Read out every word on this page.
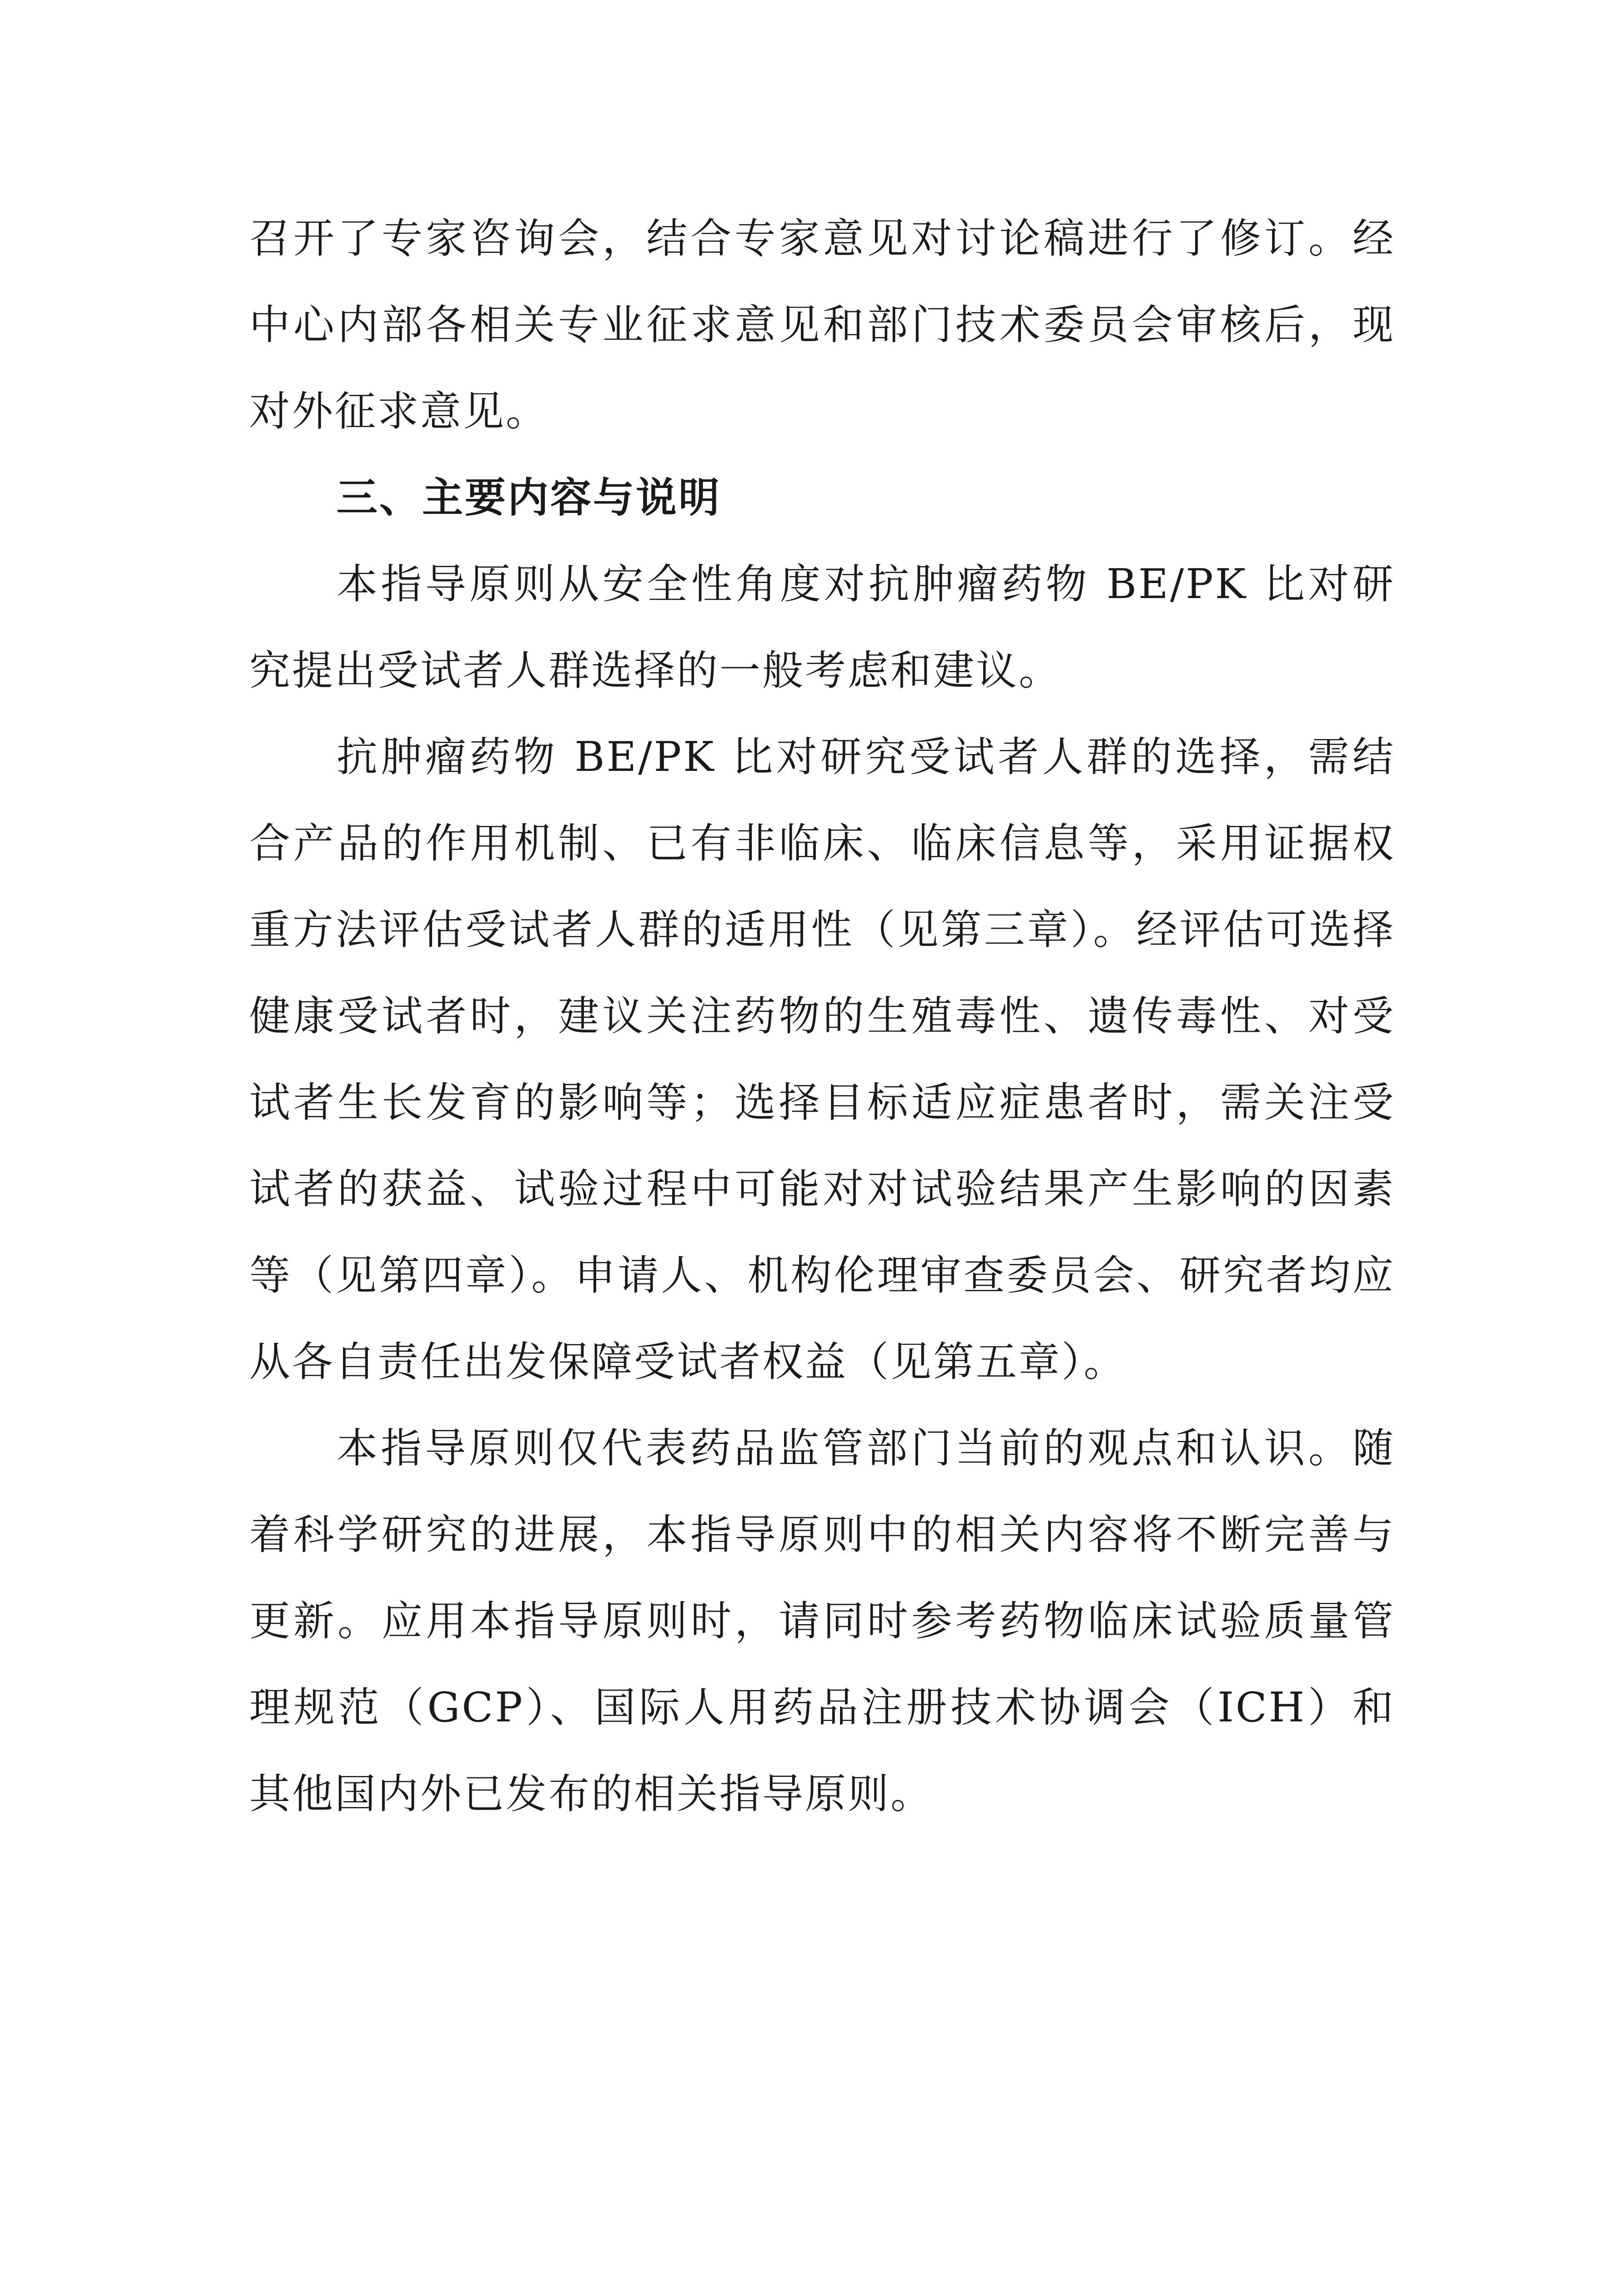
召开了专家咨询会，结合专家意见对讨论稿进行了修订。经中心内部各相关专业征求意见和部门技术委员会审核后，现对外征求意见。

三、主要内容与说明

本指导原则从安全性角度对抗肿瘤药物 BE/PK 比对研究提出受试者人群选择的一般考虑和建议。

抗肿瘤药物 BE/PK 比对研究受试者人群的选择，需结合产品的作用机制、已有非临床、临床信息等，采用证据权重方法评估受试者人群的适用性（见第三章）。经评估可选择健康受试者时，建议关注药物的生殖毒性、遗传毒性、对受试者生长发育的影响等；选择目标适应症患者时，需关注受试者的获益、试验过程中可能对对试验结果产生影响的因素等（见第四章）。申请人、机构伦理审查委员会、研究者均应从各自责任出发保障受试者权益（见第五章）。

本指导原则仅代表药品监管部门当前的观点和认识。随着科学研究的进展，本指导原则中的相关内容将不断完善与更新。应用本指导原则时，请同时参考药物临床试验质量管理规范（GCP）、国际人用药品注册技术协调会（ICH）和其他国内外已发布的相关指导原则。
